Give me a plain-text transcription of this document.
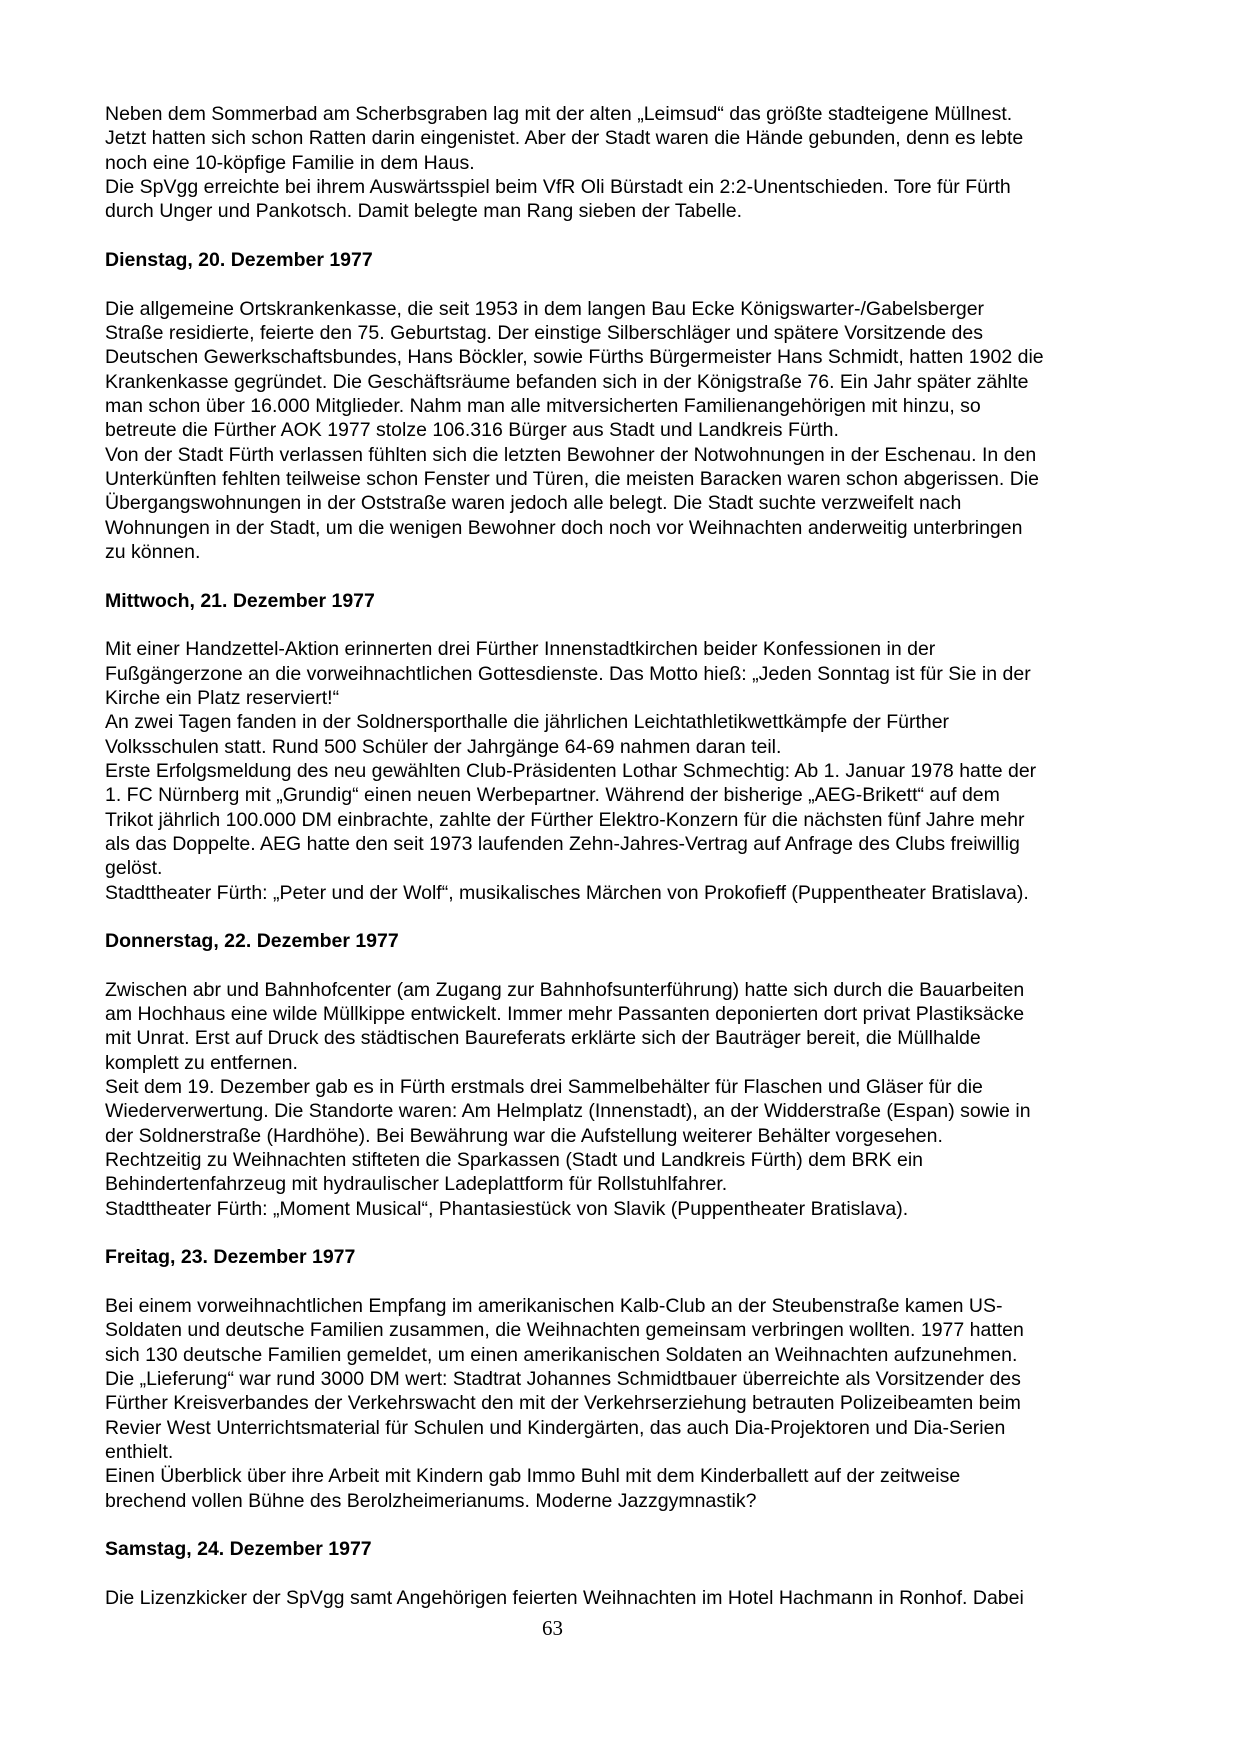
Neben dem Sommerbad am Scherbsgraben lag mit der alten „Leimsud“ das größte stadteigene Müllnest.
Jetzt hatten sich schon Ratten darin eingenistet. Aber der Stadt waren die Hände gebunden, denn es lebte
noch eine 10-köpfige Familie in dem Haus.
Die SpVgg erreichte bei ihrem Auswärtsspiel beim VfR Oli Bürstadt ein 2:2-Unentschieden. Tore für Fürth
durch Unger und Pankotsch. Damit belegte man Rang sieben der Tabelle.
Dienstag, 20. Dezember 1977
Die allgemeine Ortskrankenkasse, die seit 1953 in dem langen Bau Ecke Königswarter-/Gabelsberger
Straße residierte, feierte den 75. Geburtstag. Der einstige Silberschläger und spätere Vorsitzende des
Deutschen Gewerkschaftsbundes, Hans Böckler, sowie Fürths Bürgermeister Hans Schmidt, hatten 1902 die
Krankenkasse gegründet. Die Geschäftsräume befanden sich in der Königstraße 76. Ein Jahr später zählte
man schon über 16.000 Mitglieder. Nahm man alle mitversicherten Familienangehörigen mit hinzu, so
betreute die Fürther AOK 1977 stolze 106.316 Bürger aus Stadt und Landkreis Fürth.
Von der Stadt Fürth verlassen fühlten sich die letzten Bewohner der Notwohnungen in der Eschenau. In den
Unterkünften fehlten teilweise schon Fenster und Türen, die meisten Baracken waren schon abgerissen. Die
Übergangswohnungen in der Oststraße waren jedoch alle belegt. Die Stadt suchte verzweifelt nach
Wohnungen in der Stadt, um die wenigen Bewohner doch noch vor Weihnachten anderweitig unterbringen
zu können.
Mittwoch, 21. Dezember 1977
Mit einer Handzettel-Aktion erinnerten drei Fürther Innenstadtkirchen beider Konfessionen in der
Fußgängerzone an die vorweihnachtlichen Gottesdienste. Das Motto hieß: „Jeden Sonntag ist für Sie in der
Kirche ein Platz reserviert!“
An zwei Tagen fanden in der Soldnersporthalle die jährlichen Leichtathletikwettkämpfe der Fürther
Volksschulen statt. Rund 500 Schüler der Jahrgänge 64-69 nahmen daran teil.
Erste Erfolgsmeldung des neu gewählten Club-Präsidenten Lothar Schmechtig: Ab 1. Januar 1978 hatte der
1. FC Nürnberg mit „Grundig“ einen neuen Werbepartner. Während der bisherige „AEG-Brikett“ auf dem
Trikot jährlich 100.000 DM einbrachte, zahlte der Fürther Elektro-Konzern für die nächsten fünf Jahre mehr
als das Doppelte. AEG hatte den seit 1973 laufenden Zehn-Jahres-Vertrag auf Anfrage des Clubs freiwillig
gelöst.
Stadttheater Fürth: „Peter und der Wolf“, musikalisches Märchen von Prokofieff (Puppentheater Bratislava).
Donnerstag, 22. Dezember 1977
Zwischen abr und Bahnhofcenter (am Zugang zur Bahnhofsunterführung) hatte sich durch die Bauarbeiten
am Hochhaus eine wilde Müllkippe entwickelt. Immer mehr Passanten deponierten dort privat Plastiksäcke
mit Unrat. Erst auf Druck des städtischen Baureferats erklärte sich der Bauträger bereit, die Müllhalde
komplett zu entfernen.
Seit dem 19. Dezember gab es in Fürth erstmals drei Sammelbehälter für Flaschen und Gläser für die
Wiederverwertung. Die Standorte waren: Am Helmplatz (Innenstadt), an der Widderstraße (Espan) sowie in
der Soldnerstraße (Hardhöhe). Bei Bewährung war die Aufstellung weiterer Behälter vorgesehen.
Rechtzeitig zu Weihnachten stifteten die Sparkassen (Stadt und Landkreis Fürth) dem BRK ein
Behindertenfahrzeug mit hydraulischer Ladeplattform für Rollstuhlfahrer.
Stadttheater Fürth: „Moment Musical“, Phantasiestück von Slavik (Puppentheater Bratislava).
Freitag, 23. Dezember 1977
Bei einem vorweihnachtlichen Empfang im amerikanischen Kalb-Club an der Steubenstraße kamen US-
Soldaten und deutsche Familien zusammen, die Weihnachten gemeinsam verbringen wollten. 1977 hatten
sich 130 deutsche Familien gemeldet, um einen amerikanischen Soldaten an Weihnachten aufzunehmen.
Die „Lieferung“ war rund 3000 DM wert: Stadtrat Johannes Schmidtbauer überreichte als Vorsitzender des
Fürther Kreisverbandes der Verkehrswacht den mit der Verkehrserziehung betrauten Polizeibeamten beim
Revier West Unterrichtsmaterial für Schulen und Kindergärten, das auch Dia-Projektoren und Dia-Serien
enthielt.
Einen Überblick über ihre Arbeit mit Kindern gab Immo Buhl mit dem Kinderballett auf der zeitweise
brechend vollen Bühne des Berolzheimerianums. Moderne Jazzgymnastik?
Samstag, 24. Dezember 1977
Die Lizenzkicker der SpVgg samt Angehörigen feierten Weihnachten im Hotel Hachmann in Ronhof. Dabei
63
